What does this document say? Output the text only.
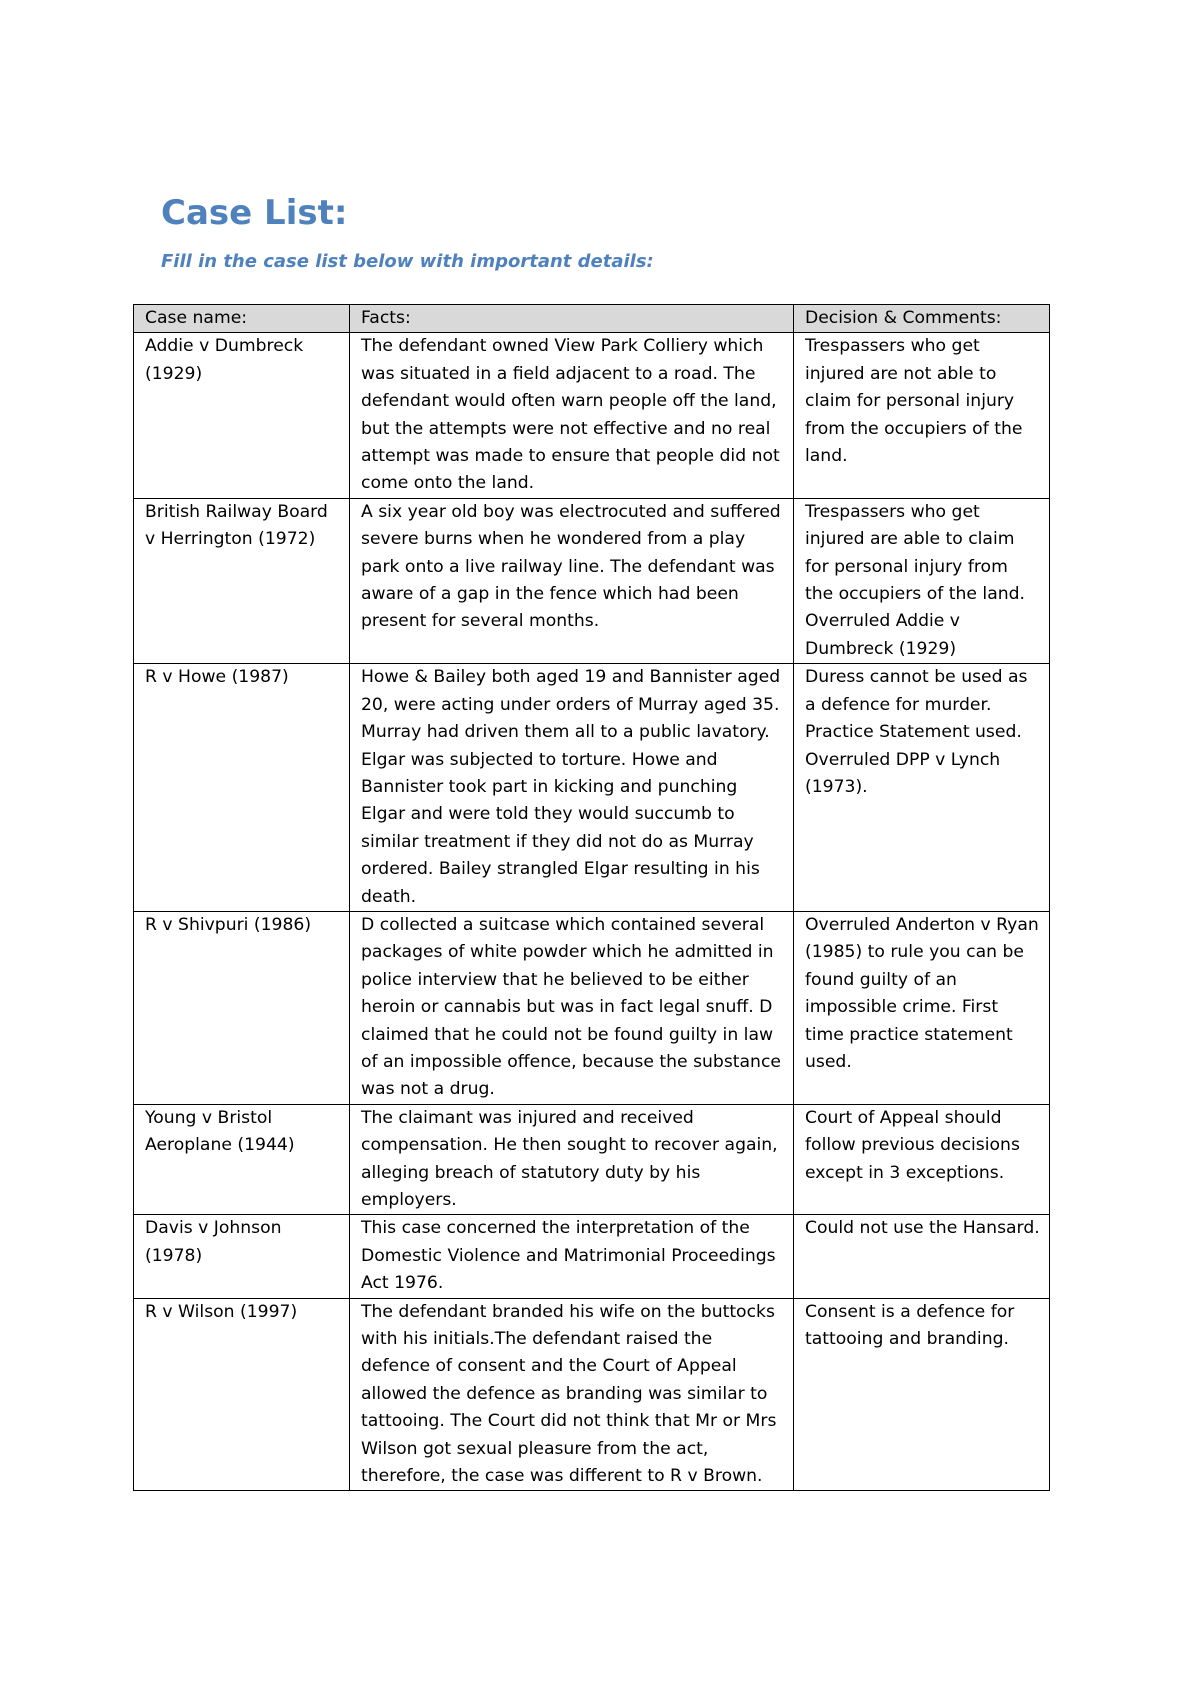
Case List:

Fill in the case list below with important details:

Case name:	Facts:	Decision & Comments:
Addie v Dumbreck (1929)	The defendant owned View Park Colliery which was situated in a field adjacent to a road. The defendant would often warn people off the land, but the attempts were not effective and no real attempt was made to ensure that people did not come onto the land.	Trespassers who get injured are not able to claim for personal injury from the occupiers of the land.
British Railway Board v Herrington (1972)	A six year old boy was electrocuted and suffered severe burns when he wondered from a play park onto a live railway line. The defendant was aware of a gap in the fence which had been present for several months.	Trespassers who get injured are able to claim for personal injury from the occupiers of the land. Overruled Addie v Dumbreck (1929)
R v Howe (1987)	Howe & Bailey both aged 19 and Bannister aged 20, were acting under orders of Murray aged 35. Murray had driven them all to a public lavatory. Elgar was subjected to torture. Howe and Bannister took part in kicking and punching Elgar and were told they would succumb to similar treatment if they did not do as Murray ordered. Bailey strangled Elgar resulting in his death.	Duress cannot be used as a defence for murder. Practice Statement used. Overruled DPP v Lynch (1973).
R v Shivpuri (1986)	D collected a suitcase which contained several packages of white powder which he admitted in police interview that he believed to be either heroin or cannabis but was in fact legal snuff. D claimed that he could not be found guilty in law of an impossible offence, because the substance was not a drug.	Overruled Anderton v Ryan (1985) to rule you can be found guilty of an impossible crime. First time practice statement used.
Young v Bristol Aeroplane (1944)	The claimant was injured and received compensation. He then sought to recover again, alleging breach of statutory duty by his employers.	Court of Appeal should follow previous decisions except in 3 exceptions.
Davis v Johnson (1978)	This case concerned the interpretation of the Domestic Violence and Matrimonial Proceedings Act 1976.	Could not use the Hansard.
R v Wilson (1997)	The defendant branded his wife on the buttocks with his initials.The defendant raised the defence of consent and the Court of Appeal allowed the defence as branding was similar to tattooing. The Court did not think that Mr or Mrs Wilson got sexual pleasure from the act, therefore, the case was different to R v Brown.	Consent is a defence for tattooing and branding.
